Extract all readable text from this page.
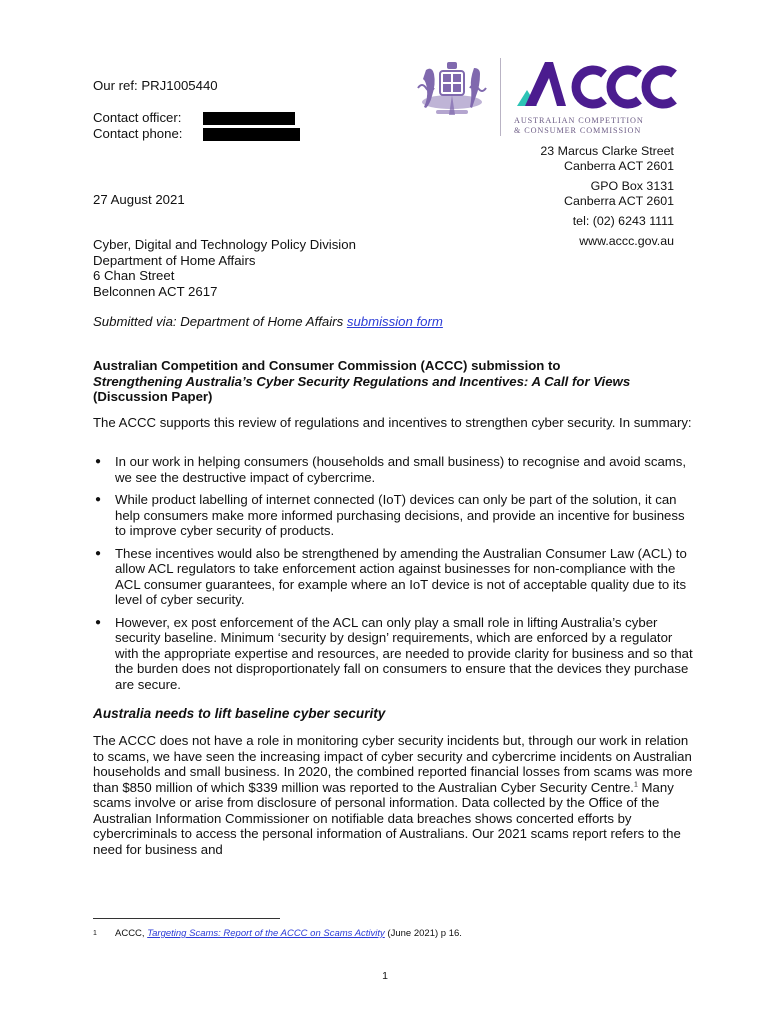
Our ref: PRJ1005440
Contact officer:
Contact phone:
AUSTRALIAN COMPETITION
& CONSUMER COMMISSION
23 Marcus Clarke Street
Canberra ACT 2601
GPO Box 3131
Canberra ACT 2601
tel: (02) 6243 1111
www.accc.gov.au
27 August 2021
Cyber, Digital and Technology Policy Division
Department of Home Affairs
6 Chan Street
Belconnen ACT 2617
Submitted via: Department of Home Affairs submission form
Australian Competition and Consumer Commission (ACCC) submission to
Strengthening Australia’s Cyber Security Regulations and Incentives: A Call for Views
(Discussion Paper)
The ACCC supports this review of regulations and incentives to strengthen cyber security. In summary:
●	In our work in helping consumers (households and small business) to recognise and avoid scams, we see the destructive impact of cybercrime.
●	While product labelling of internet connected (IoT) devices can only be part of the solution, it can help consumers make more informed purchasing decisions, and provide an incentive for business to improve cyber security of products.
●	These incentives would also be strengthened by amending the Australian Consumer Law (ACL) to allow ACL regulators to take enforcement action against businesses for non-compliance with the ACL consumer guarantees, for example where an IoT device is not of acceptable quality due to its level of cyber security.
●	However, ex post enforcement of the ACL can only play a small role in lifting Australia’s cyber security baseline. Minimum ‘security by design’ requirements, which are enforced by a regulator with the appropriate expertise and resources, are needed to provide clarity for business and so that the burden does not disproportionately fall on consumers to ensure that the devices they purchase are secure.
Australia needs to lift baseline cyber security
The ACCC does not have a role in monitoring cyber security incidents but, through our work in relation to scams, we have seen the increasing impact of cyber security and cybercrime incidents on Australian households and small business. In 2020, the combined reported financial losses from scams was more than $850 million of which $339 million was reported to the Australian Cyber Security Centre.$^1$ Many scams involve or arise from disclosure of personal information. Data collected by the Office of the Australian Information Commissioner on notifiable data breaches shows concerted efforts by cybercriminals to access the personal information of Australians. Our 2021 scams report refers to the need for business and
1	ACCC, Targeting Scams: Report of the ACCC on Scams Activity (June 2021) p 16.
1
